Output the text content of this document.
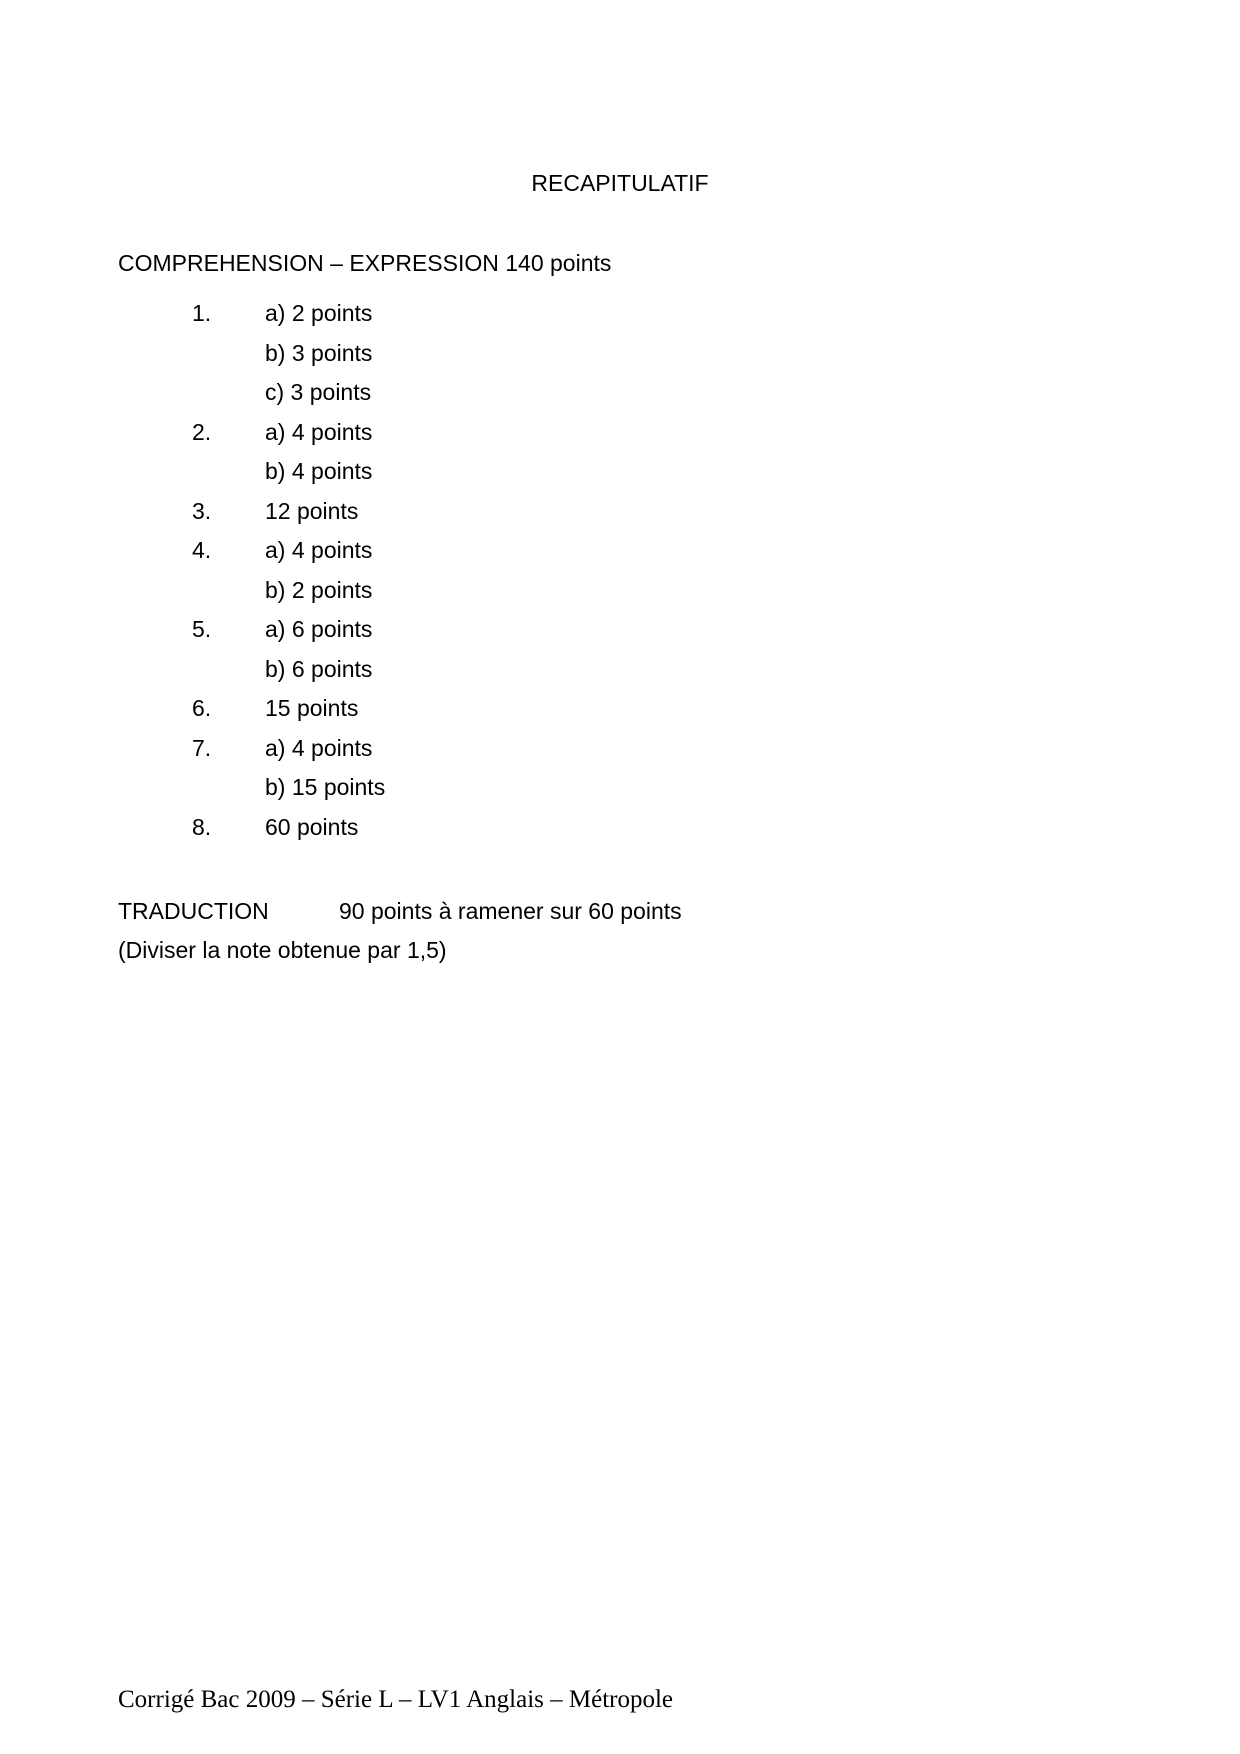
RECAPITULATIF
COMPREHENSION – EXPRESSION 140 points
1. a) 2 points
b) 3 points
c) 3 points
2. a) 4 points
b) 4 points
3. 12 points
4. a) 4 points
b) 2 points
5. a) 6 points
b) 6 points
6. 15 points
7. a) 4 points
b) 15 points
8. 60 points
TRADUCTION	90 points à ramener sur 60 points
(Diviser la note obtenue par 1,5)
Corrigé Bac 2009 – Série L – LV1 Anglais – Métropole
